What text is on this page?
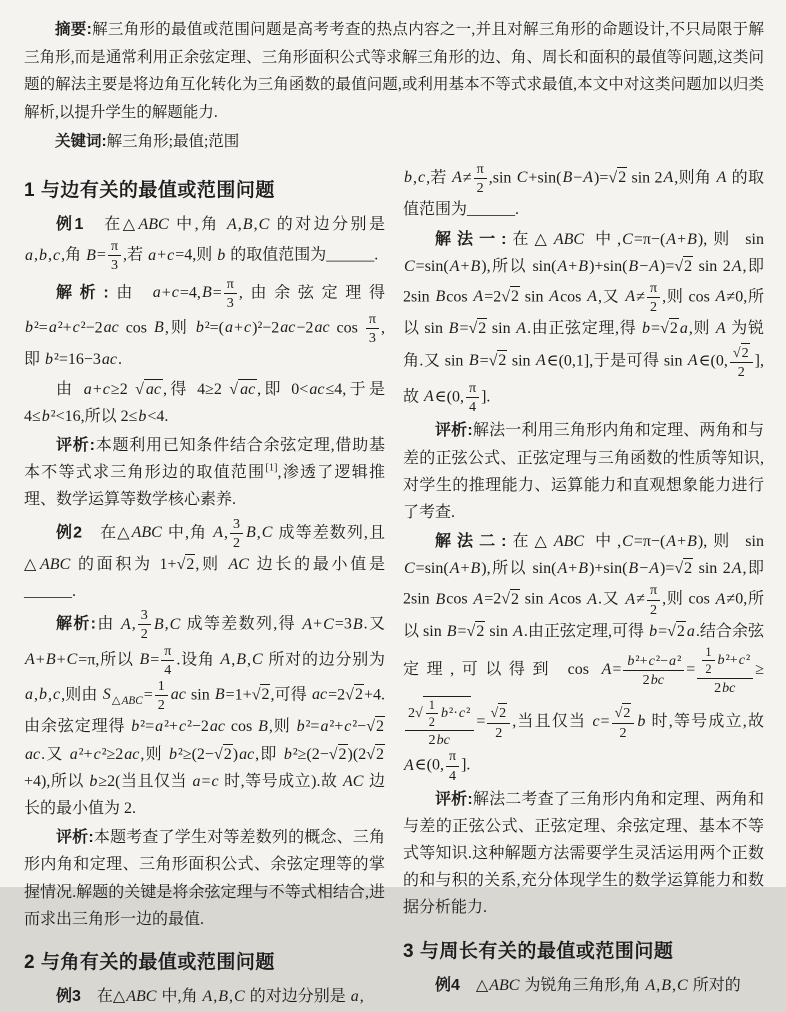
摘要:解三角形的最值或范围问题是高考考查的热点内容之一,并且对解三角形的命题设计,不只局限于解三角形,而是通常利用正余弦定理、三角形面积公式等求解三角形的边、角、周长和面积的最值等问题,这类问题的解法主要是将边角互化转化为三角函数的最值问题,或利用基本不等式求最值,本文中对这类问题加以归类解析,以提升学生的解题能力.

关键词:解三角形;最值;范围

1 与边有关的最值或范围问题

例1　在△ABC 中,角 A,B,C 的对边分别是 a,b,c,角 $B= \frac{\pi}{3}$ ,若 a+c=4,则 b 的取值范围为______.

解析:由 $a+c=4,B= \frac{\pi}{3}$ ,由余弦定理得 b²=a²+c²−2ac cos B,则 b²=(a+c)²−2ac−2ac $\cos \frac{\pi}{3}$ ,即 b²=16−3ac.

由 a+c≥2 √ ac ,得 4≥2 √ ac ,即 0<ac≤4,于是 4≤b²<16,所以 2≤b<4.

评析:本题利用已知条件结合余弦定理,借助基本不等式求三角形边的取值范围[1],渗透了逻辑推理、数学运算等数学核心素养.

例2　在△ABC 中,角 A, $\frac{3}{2} B,C$ 成等差数列,且△ABC 的面积为 1+√2,则 AC 边长的最小值是______.

解析:由 A, $\frac{3}{2} B,C$ 成等差数列,得 A+C=3B.又 A+B+C=π,所以 $B= \frac{\pi}{4}$ .设角 A,B,C 所对的边分别为 a,b,c,则由 $S_{\triangle ABC}= \frac{1}{2}$ ac sin B=1+√2,可得 ac=2√2+4.由余弦定理得 b²=a²+c²−2ac cos B,则 b²=a²+c²−√2ac.又 a²+c²≥2ac,则 b²≥(2−√2)ac,即 b²≥(2−√2)(2√2+4),所以 b≥2(当且仅当 a=c 时,等号成立).故 AC 边长的最小值为 2.

评析:本题考查了学生对等差数列的概念、三角形内角和定理、三角形面积公式、余弦定理等的掌握情况.解题的关键是将余弦定理与不等式相结合,进而求出三角形一边的最值.

2 与角有关的最值或范围问题

例3　在△ABC 中,角 A,B,C 的对边分别是 a,

b,c,若 $A\ne \frac{\pi}{2} ,\sin$ C+sin(B−A)=√2 sin 2A,则角 A 的取值范围为______.

解法一:在△ABC 中,C=π−(A+B),则 sin C=sin(A+B),所以 sin(A+B)+sin(B−A)=√2 sin 2A,即 2sin Bcos A=2√2 sin Acos A,又 $A\ne \frac{\pi}{2}$ ,则 cos A≠0,所以 sin B=√2 sin A.由正弦定理,得 b=√2 a,则 A 为锐角.又 sin B=√2 sin A∈(0,1],于是可得 sin A∈(0, $\frac{√2}{2}$ ],故 A∈(0, $\frac{\pi}{4}$ ].

评析:解法一利用三角形内角和定理、两角和与差的正弦公式、正弦定理与三角函数的性质等知识,对学生的推理能力、运算能力和直观想象能力进行了考查.

解法二:在△ABC 中,C=π−(A+B),则 sin C=sin(A+B),所以 sin(A+B)+sin(B−A)=√2 sin 2A,即 2sin Bcos A=2√2 sin Acos A.又 $A\ne \frac{\pi}{2}$ ,则 cos A≠0,所以 sin B=√2 sin A.由正弦定理,可得 b=√2 a.结合余弦定理,可以得到 $\cos A= \frac{\text{b²+c²−a²}}{2bc} = \frac{\frac{1}{2} b^2+c^2}{2bc}$ ≥
$\frac{2√ \frac{1}{2} b^2\cdot c^2}{2bc} = \frac{√2}{2}$ ,当且仅当 $c= \frac{√2}{2}$ b 时,等号成立,故 A∈(0, $\frac{\pi}{4}$ ].

评析:解法二考查了三角形内角和定理、两角和与差的正弦公式、正弦定理、余弦定理、基本不等式等知识.这种解题方法需要学生灵活运用两个正数的和与积的关系,充分体现学生的数学运算能力和数据分析能力.

3 与周长有关的最值或范围问题

例4　△ABC 为锐角三角形,角 A,B,C 所对的
